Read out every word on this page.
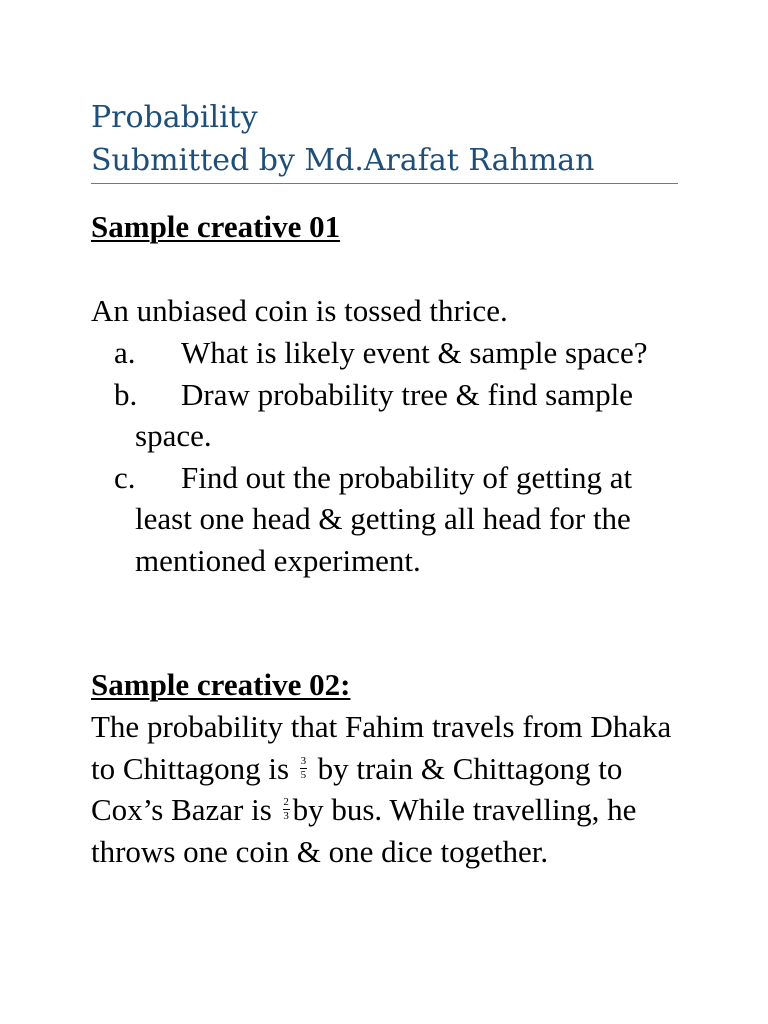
Probability
Submitted by Md.Arafat Rahman
Sample creative 01
An unbiased coin is tossed thrice.
a.	What is likely event & sample space?
b.	Draw probability tree & find sample space.
c.	Find out the probability of getting at least one head & getting all head for the mentioned experiment.
Sample creative 02:
The probability that Fahim travels from Dhaka to Chittagong is $\frac{3}{5}$ by train & Chittagong to Cox’s Bazar is $\frac{2}{3}$ by bus. While travelling, he throws one coin & one dice together.
